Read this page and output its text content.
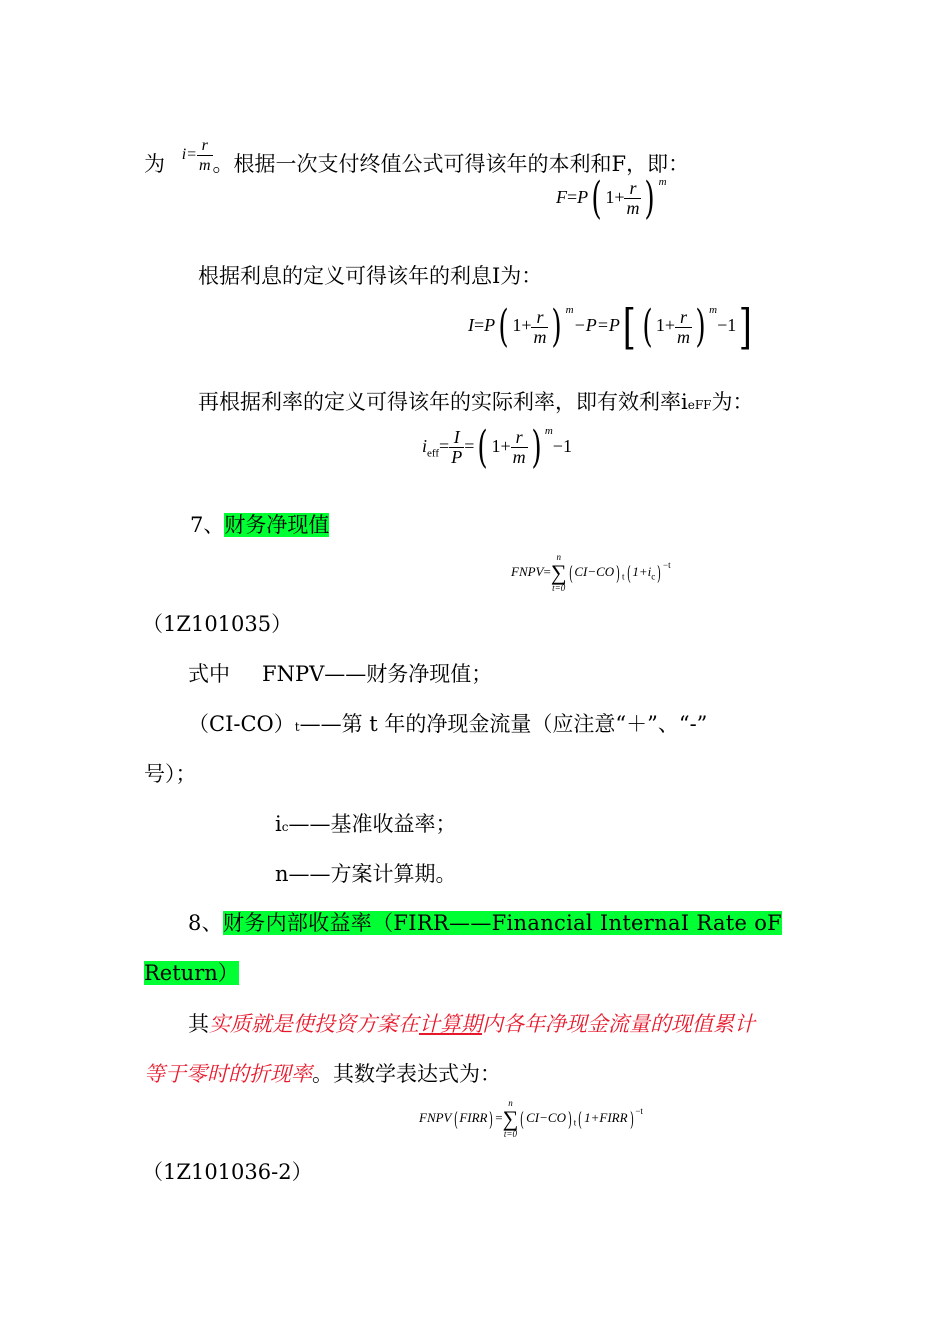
为 $i= \frac{r}{m}$ 。根据一次支付终值公式可得该年的本利和F，即：
F=P( $1+ \frac{r}{m}$ ) $^m$
根据利息的定义可得该年的利息I为：
I=P( $1+ \frac{r}{m}$ ) $^m$−P=P[ ( $1+ \frac{r}{m}$ ) $^m$−1]
再根据利率的定义可得该年的实际利率，即有效利率ieFF为：
$i_{eff}= \frac{I}{P}$ =( $1+ \frac{r}{m}$ ) $^m$−1
7、财务净现值
FNPV=
n
∑
t=0
( CI−CO) $_t$( $1+i_c$) $^{-t}$
（1Z101035）
式中 FNPV——财务净现值；
（CI-CO）t——第 t 年的净现金流量（应注意“＋”、“-”
号）；
ic——基准收益率；
n——方案计算期。
8、财务内部收益率（FIRR——Financial InternaI Rate oF
Return）
其实质就是使投资方案在计算期内各年净现金流量的现值累计
等于零时的折现率。其数学表达式为：
FNPV( FIRR) =
n
∑
t=0
( CI−CO) $_t$( 1+FIRR) $^{-t}$
（1Z101036-2）
